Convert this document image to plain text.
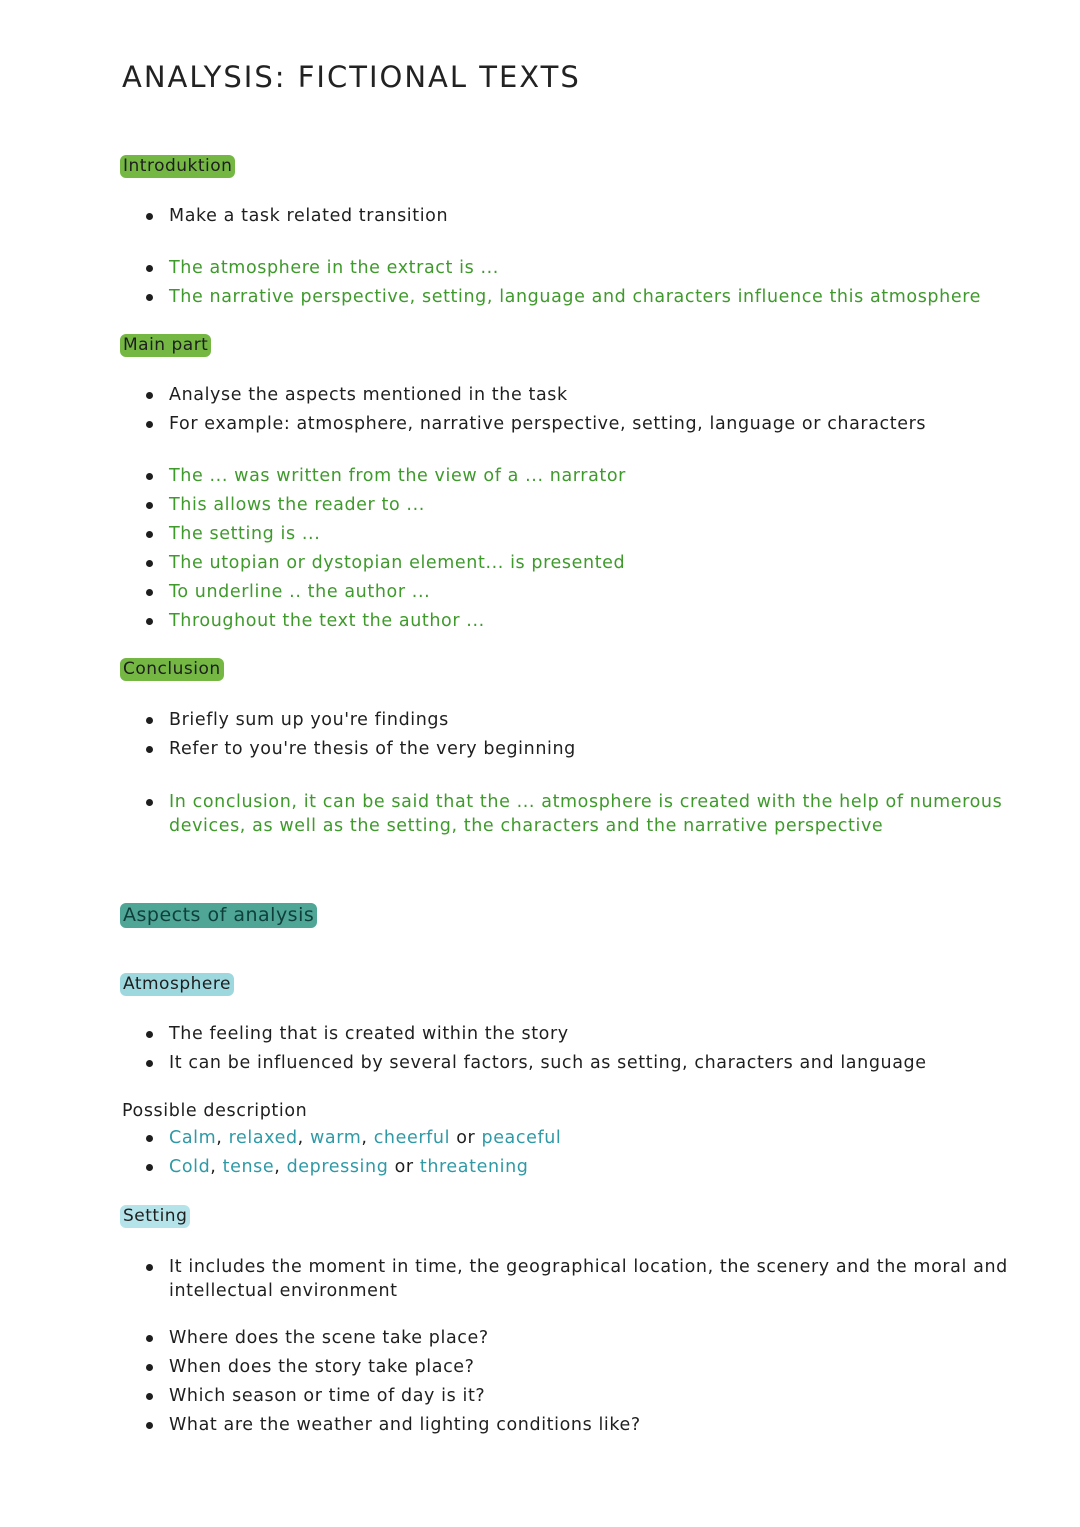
ANALYSIS: FICTIONAL TEXTS
Introduktion
Make a task related transition
The atmosphere in the extract is ...
The narrative perspective, setting, language and characters influence this atmosphere
Main part
Analyse the aspects mentioned in the task
For example: atmosphere, narrative perspective, setting, language or characters
The ... was written from the view of a ... narrator
This allows the reader to ...
The setting is ...
The utopian or dystopian element... is presented
To underline .. the author ...
Throughout the text the author ...
Conclusion
Briefly sum up you're findings
Refer to you're thesis of the very beginning
In conclusion, it can be said that the ... atmosphere is created with the help of numerous devices, as well as the setting, the characters and the narrative perspective
Aspects of analysis
Atmosphere
The feeling that is created within the story
It can be influenced by several factors, such as setting, characters and language
Possible description
Calm, relaxed, warm, cheerful or peaceful
Cold, tense, depressing or threatening
Setting
It includes the moment in time, the geographical location, the scenery and the moral and intellectual environment
Where does the scene take place?
When does the story take place?
Which season or time of day is it?
What are the weather and lighting conditions like?
